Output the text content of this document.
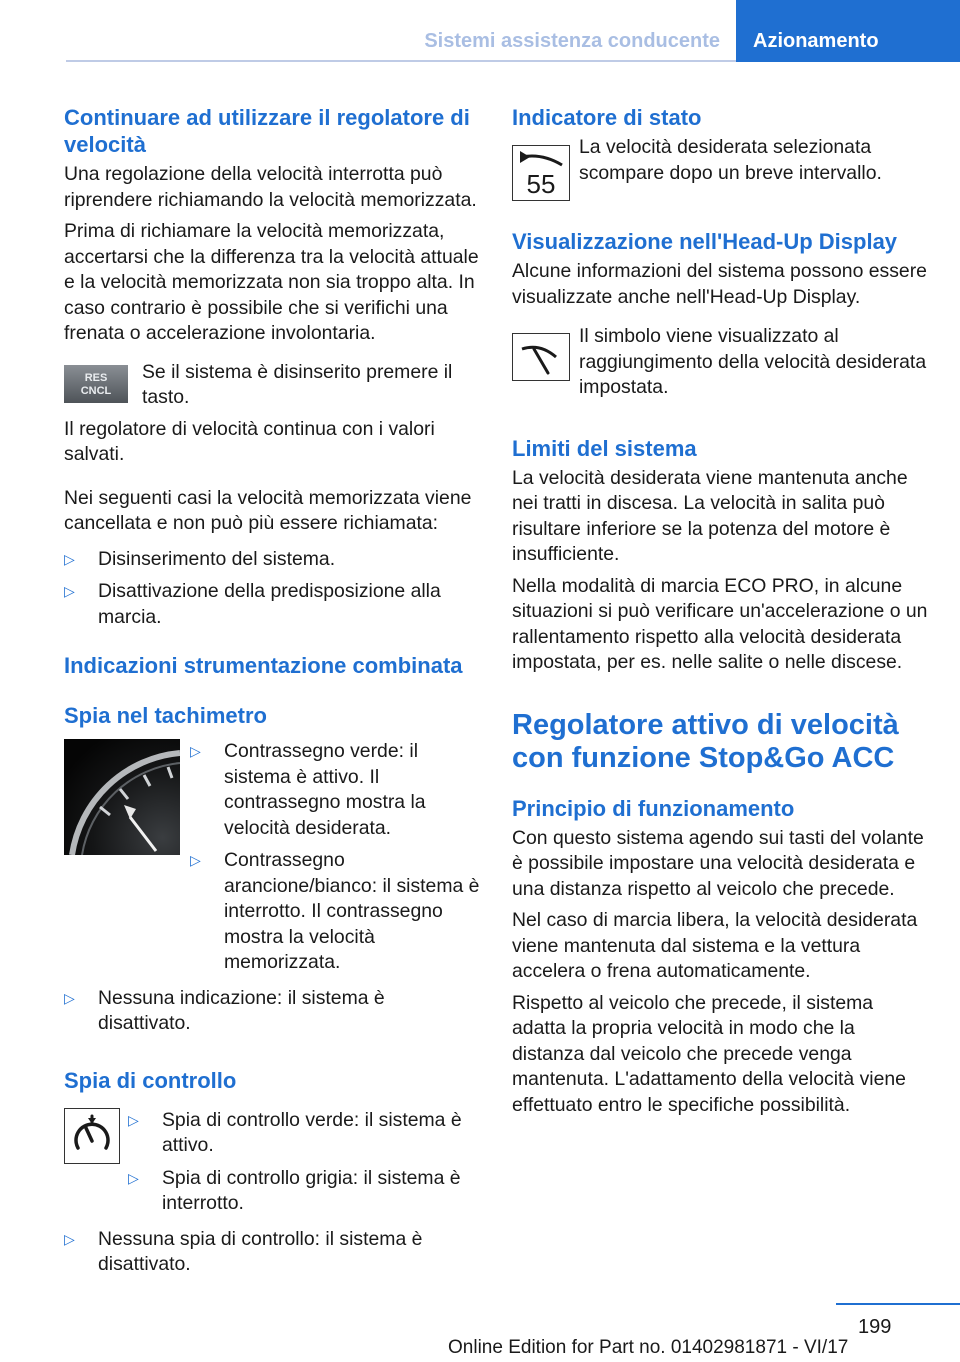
Sistemi assistenza conducente Azionamento
Continuare ad utilizzare il regolatore di velocità

Una regolazione della velocità interrotta può riprendere richiamando la velocità memorizzata.

Prima di richiamare la velocità memorizzata, accertarsi che la differenza tra la velocità attuale e la velocità memorizzata non sia troppo alta. In caso contrario è possibile che si verifichi una frenata o accelerazione involontaria.

RES
CNCL

Se il sistema è disinserito premere il tasto.

Il regolatore di velocità continua con i valori salvati.

Nei seguenti casi la velocità memorizzata viene cancellata e non può più essere richiamata:

▷	Disinserimento del sistema.
▷	Disattivazione della predisposizione alla marcia.
Indicazioni strumentazione combinata
Spia nel tachimetro
▷	Contrassegno verde: il sistema è attivo. Il contrassegno mostra la velocità desiderata.
▷	Contrassegno arancione/bianco: il sistema è interrotto. Il contrassegno mostra la velocità memorizzata.
▷	Nessuna indicazione: il sistema è disattivato.
Spia di controllo
▷	Spia di controllo verde: il sistema è attivo.
▷	Spia di controllo grigia: il sistema è interrotto.
▷	Nessuna spia di controllo: il sistema è disattivato.
Indicatore di stato
55

La velocità desiderata selezionata scompare dopo un breve intervallo.

Visualizzazione nell'Head-Up Display

Alcune informazioni del sistema possono essere visualizzate anche nell'Head-Up Display.

Il simbolo viene visualizzato al raggiungimento della velocità desiderata impostata.

Limiti del sistema

La velocità desiderata viene mantenuta anche nei tratti in discesa. La velocità in salita può risultare inferiore se la potenza del motore è insufficiente.

Nella modalità di marcia ECO PRO, in alcune situazioni si può verificare un'accelerazione o un rallentamento rispetto alla velocità desiderata impostata, per es. nelle salite o nelle discese.

Regolatore attivo di velocità con funzione Stop&Go ACC
Principio di funzionamento

Con questo sistema agendo sui tasti del volante è possibile impostare una velocità desiderata e una distanza rispetto al veicolo che precede.

Nel caso di marcia libera, la velocità desiderata viene mantenuta dal sistema e la vettura accelera o frena automaticamente.

Rispetto al veicolo che precede, il sistema adatta la propria velocità in modo che la distanza dal veicolo che precede venga mantenuta. L'adattamento della velocità viene effettuato entro le specifiche possibilità.

199
Online Edition for Part no. 01402981871 - VI/17
